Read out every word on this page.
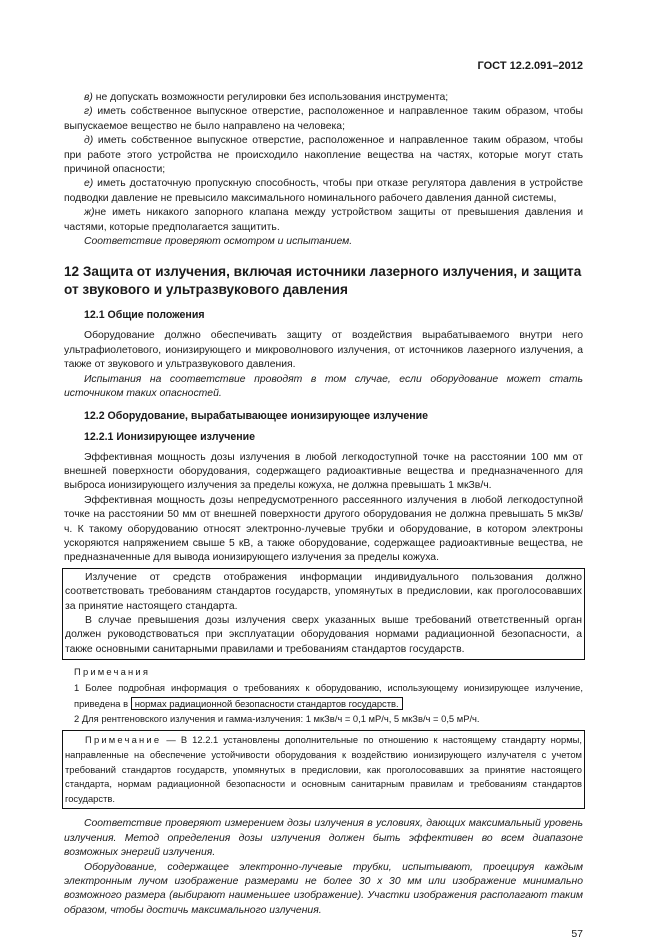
ГОСТ 12.2.091–2012

в) не допускать возможности регулировки без использования инструмента;

г) иметь собственное выпускное отверстие, расположенное и направленное таким образом, чтобы выпускаемое вещество не было направлено на человека;

д) иметь собственное выпускное отверстие, расположенное и направленное таким образом, чтобы при работе этого устройства не происходило накопление вещества на частях, которые могут стать причиной опасности;

е) иметь достаточную пропускную способность, чтобы при отказе регулятора давления в устройстве подводки давление не превысило максимального номинального рабочего давления данной системы,

ж)не иметь никакого запорного клапана между устройством защиты от превышения давления и частями, которые предполагается защитить.

Соответствие проверяют осмотром и испытанием.

12 Защита от излучения, включая источники лазерного излучения, и защита от звукового и ультразвукового давления

12.1 Общие положения

Оборудование должно обеспечивать защиту от воздействия вырабатываемого внутри него ультрафиолетового, ионизирующего и микроволнового излучения, от источников лазерного излучения, а также от звукового и ультразвукового давления.

Испытания на соответствие проводят в том случае, если оборудование может стать источником таких опасностей.

12.2 Оборудование, вырабатывающее ионизирующее излучение

12.2.1 Ионизирующее излучение

Эффективная мощность дозы излучения в любой легкодоступной точке на расстоянии 100 мм от внешней поверхности оборудования, содержащего радиоактивные вещества и предназначенного для выброса ионизирующего излучения за пределы кожуха, не должна превышать 1 мкЗв/ч.

Эффективная мощность дозы непредусмотренного рассеянного излучения в любой легкодоступной точке на расстоянии 50 мм от внешней поверхности другого оборудования не должна превышать 5 мкЗв/ч. К такому оборудованию относят электронно-лучевые трубки и оборудование, в котором электроны ускоряются напряжением свыше 5 кВ, а также оборудование, содержащее радиоактивные вещества, не предназначенные для вывода ионизирующего излучения за пределы кожуха.

Излучение от средств отображения информации индивидуального пользования должно соответствовать требованиям стандартов государств, упомянутых в предисловии, как проголосовавших за принятие настоящего стандарта.

В случае превышения дозы излучения сверх указанных выше требований ответственный орган должен руководствоваться при эксплуатации оборудования нормами радиационной безопасности, а также основными санитарными правилами и требованиям стандартов государств.

Примечания

1 Более подробная информация о требованиях к оборудованию, использующему ионизирующее излучение, приведена в нормах радиационной безопасности стандартов государств.

2 Для рентгеновского излучения и гамма-излучения: 1 мкЗв/ч = 0,1 мР/ч, 5 мкЗв/ч = 0,5 мР/ч.

Примечание — В 12.2.1 установлены дополнительные по отношению к настоящему стандарту нормы, направленные на обеспечение устойчивости оборудования к воздействию ионизирующего излучателя с учетом требований стандартов государств, упомянутых в предисловии, как проголосовавших за принятие настоящего стандарта, нормам радиационной безопасности и основным санитарным правилам и требованиям стандартов государств.

Соответствие проверяют измерением дозы излучения в условиях, дающих максимальный уровень излучения. Метод определения дозы излучения должен быть эффективен во всем диапазоне возможных энергий излучения.

Оборудование, содержащее электронно-лучевые трубки, испытывают, проецируя каждым электронным лучом изображение размерами не более 30 х 30 мм или изображение минимально возможного размера (выбирают наименьшее изображение). Участки изображения располагают таким образом, чтобы достичь максимального излучения.

57
